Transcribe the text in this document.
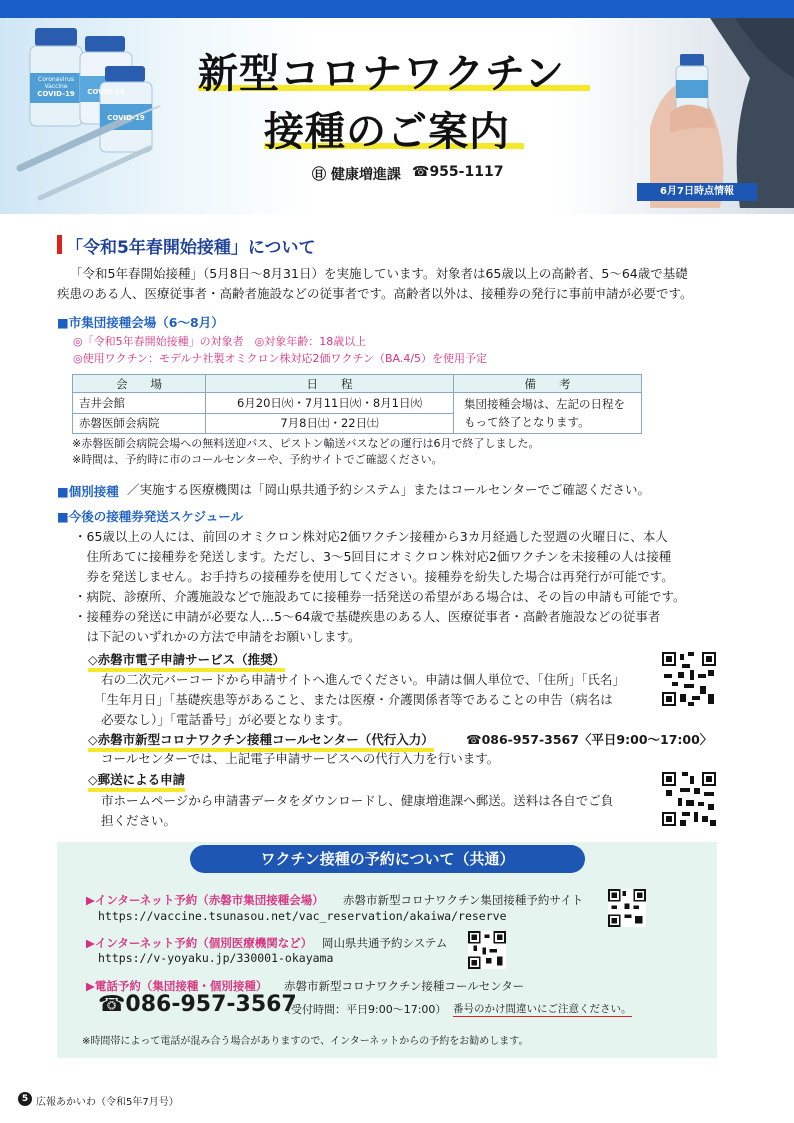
Coronavirus Vaccine
COVID-19	COVID-19
COVID-19
新型コロナワクチン
接種のご案内
㊐ 健康増進課 ☎955-1117
6月7日時点情報
「令和5年春開始接種」について
「令和5年春開始接種」（5月8日～8月31日）を実施しています。対象者は65歳以上の高齢者、5～64歳で基礎
疾患のある人、医療従事者・高齢者施設などの従事者です。高齢者以外は、接種券の発行に事前申請が必要です。
■市集団接種会場（6～8月）
◎「令和5年春開始接種」の対象者　◎対象年齢：18歳以上
◎使用ワクチン：モデルナ社製オミクロン株対応2価ワクチン（BA.4/5）を使用予定
会　　場	日　　程	備　　考
吉井会館	6月20日㈫・7月11日㈫・8月1日㈫	集団接種会場は、左記の日程をもって終了となります。
赤磐医師会病院	7月8日㈯・22日㈯	
※赤磐医師会病院会場への無料送迎バス、ピストン輸送バスなどの運行は6月で終了しました。
※時間は、予約時に市のコールセンターや、予約サイトでご確認ください。
■個別接種 ／実施する医療機関は「岡山県共通予約システム」またはコールセンターでご確認ください。
■今後の接種券発送スケジュール
・65歳以上の人には、前回のオミクロン株対応2価ワクチン接種から3カ月経過した翌週の火曜日に、本人
　住所あてに接種券を発送します。ただし、3～5回目にオミクロン株対応2価ワクチンを未接種の人は接種
　券を発送しません。お手持ちの接種券を使用してください。接種券を紛失した場合は再発行が可能です。
・病院、診療所、介護施設などで施設あてに接種券一括発送の希望がある場合は、その旨の申請も可能です。
・接種券の発送に申請が必要な人…5～64歳で基礎疾患のある人、医療従事者・高齢者施設などの従事者
　は下記のいずれかの方法で申請をお願いします。
◇赤磐市電子申請サービス（推奨）
右の二次元バーコードから申請サイトへ進んでください。申請は個人単位で、「住所」「氏名」
「生年月日」「基礎疾患等があること、または医療・介護関係者等であることの申告（病名は
必要なし）」「電話番号」が必要となります。
◇赤磐市新型コロナワクチン接種コールセンター（代行入力）	☎086-957-3567〈平日9:00～17:00〉
コールセンターでは、上記電子申請サービスへの代行入力を行います。
◇郵送による申請
市ホームページから申請書データをダウンロードし、健康増進課へ郵送。送料は各自でご負
担ください。
ワクチン接種の予約について（共通）
▶インターネット予約（赤磐市集団接種会場） 赤磐市新型コロナワクチン集団接種予約サイト
https://vaccine.tsunasou.net/vac_reservation/akaiwa/reserve
▶インターネット予約（個別医療機関など） 岡山県共通予約システム
https://v-yoyaku.jp/330001-okayama
▶電話予約（集団接種・個別接種） 赤磐市新型コロナワクチン接種コールセンター
☎086-957-3567
（受付時間：平日9:00～17:00） 番号のかけ間違いにご注意ください。
※時間帯によって電話が混み合う場合がありますので、インターネットからの予約をお勧めします。
5 広報あかいわ（令和5年7月号）
